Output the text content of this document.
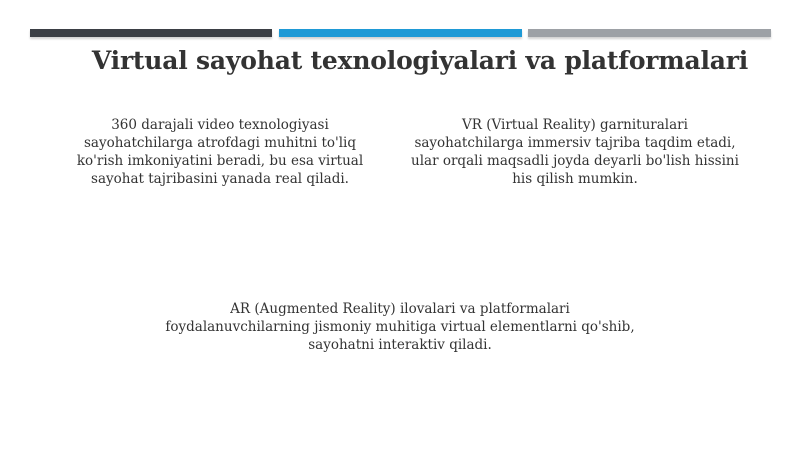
Virtual sayohat texnologiyalari va platformalari
360 darajali video texnologiyasi
sayohatchilarga atrofdagi muhitni to'liq
ko'rish imkoniyatini beradi, bu esa virtual
sayohat tajribasini yanada real qiladi.
VR (Virtual Reality) garnituralari
sayohatchilarga immersiv tajriba taqdim etadi,
ular orqali maqsadli joyda deyarli bo'lish hissini
his qilish mumkin.
AR (Augmented Reality) ilovalari va platformalari
foydalanuvchilarning jismoniy muhitiga virtual elementlarni qo'shib,
sayohatni interaktiv qiladi.
